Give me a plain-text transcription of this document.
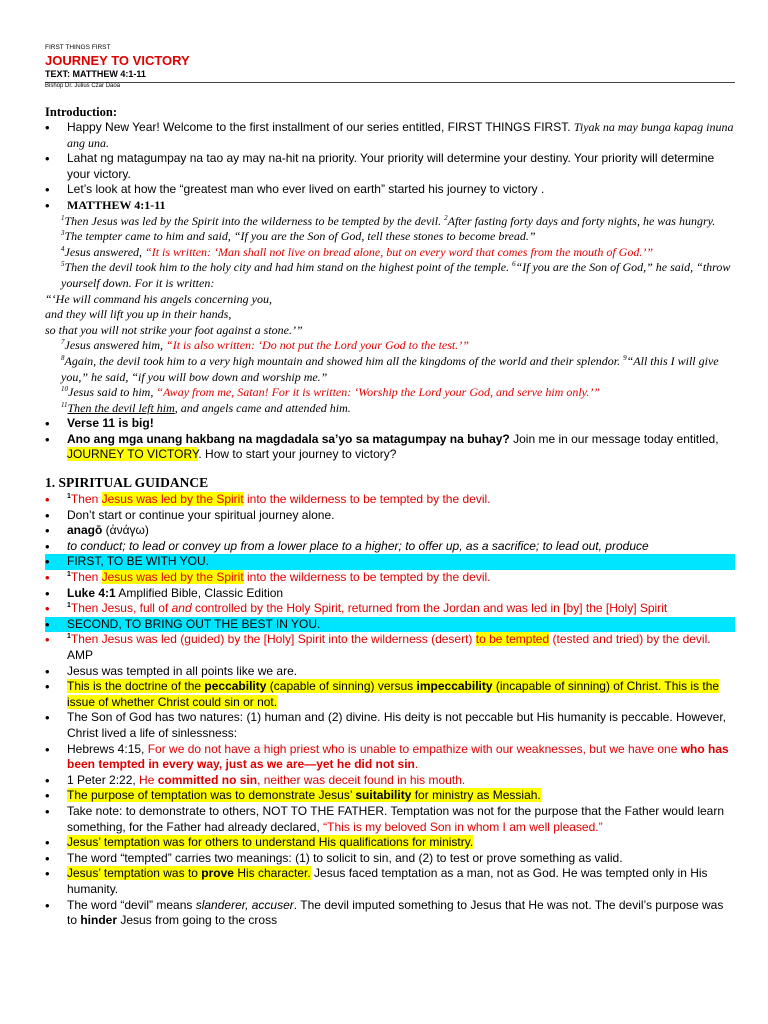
FIRST THINGS FIRST
JOURNEY TO VICTORY
TEXT: MATTHEW 4:1-11
Bishop Dr. Julius Czar Daoa
Introduction:
• Happy New Year! Welcome to the first installment of our series entitled, FIRST THINGS FIRST. Tiyak na may bunga kapag inuna ang una.
• Lahat ng matagumpay na tao ay may na-hit na priority. Your priority will determine your destiny. Your priority will determine your victory.
• Let’s look at how the “greatest man who ever lived on earth” started his journey to victory .
• MATTHEW 4:1-11
$^1$Then Jesus was led by the Spirit into the wilderness to be tempted by the devil. $^2$After fasting forty days and forty nights, he was hungry. $^3$The tempter came to him and said, “If you are the Son of God, tell these stones to become bread.”
$^4$Jesus answered, “It is written: ‘Man shall not live on bread alone, but on every word that comes from the mouth of God.’”
$^5$Then the devil took him to the holy city and had him stand on the highest point of the temple. $^6$“If you are the Son of God,” he said, “throw yourself down. For it is written:
“‘He will command his angels concerning you,
and they will lift you up in their hands,
so that you will not strike your foot against a stone.’”
$^7$Jesus answered him, “It is also written: ‘Do not put the Lord your God to the test.’”
$^8$Again, the devil took him to a very high mountain and showed him all the kingdoms of the world and their splendor. $^9$“All this I will give you,” he said, “if you will bow down and worship me.”
$^{10}$Jesus said to him, “Away from me, Satan! For it is written: ‘Worship the Lord your God, and serve him only.’”
$^{11}$Then the devil left him, and angels came and attended him.
• Verse 11 is big!
• Ano ang mga unang hakbang na magdadala sa’yo sa matagumpay na buhay? Join me in our message today entitled, JOURNEY TO VICTORY. How to start your journey to victory?
1. SPIRITUAL GUIDANCE
• $^1$Then Jesus was led by the Spirit into the wilderness to be tempted by the devil.
• Don’t start or continue your spiritual journey alone.
• anagō (ἀνάγω)
• to conduct; to lead or convey up from a lower place to a higher; to offer up, as a sacrifice; to lead out, produce
• FIRST, TO BE WITH YOU.
• $^1$Then Jesus was led by the Spirit into the wilderness to be tempted by the devil.
• Luke 4:1 Amplified Bible, Classic Edition
• $^1$Then Jesus, full of and controlled by the Holy Spirit, returned from the Jordan and was led in [by] the [Holy] Spirit
• SECOND, TO BRING OUT THE BEST IN YOU.
• $^1$Then Jesus was led (guided) by the [Holy] Spirit into the wilderness (desert) to be tempted (tested and tried) by the devil. AMP
• Jesus was tempted in all points like we are.
• This is the doctrine of the peccability (capable of sinning) versus impeccability (incapable of sinning) of Christ. This is the issue of whether Christ could sin or not.
• The Son of God has two natures: (1) human and (2) divine. His deity is not peccable but His humanity is peccable. However, Christ lived a life of sinlessness:
• Hebrews 4:15, For we do not have a high priest who is unable to empathize with our weaknesses, but we have one who has been tempted in every way, just as we are—yet he did not sin.
• 1 Peter 2:22, He committed no sin, neither was deceit found in his mouth.
• The purpose of temptation was to demonstrate Jesus’ suitability for ministry as Messiah.
• Take note: to demonstrate to others, NOT TO THE FATHER. Temptation was not for the purpose that the Father would learn something, for the Father had already declared, “This is my beloved Son in whom I am well pleased.”
• Jesus’ temptation was for others to understand His qualifications for ministry.
• The word “tempted” carries two meanings: (1) to solicit to sin, and (2) to test or prove something as valid.
• Jesus’ temptation was to prove His character. Jesus faced temptation as a man, not as God. He was tempted only in His humanity.
• The word “devil” means slanderer, accuser. The devil imputed something to Jesus that He was not. The devil’s purpose was to hinder Jesus from going to the cross
